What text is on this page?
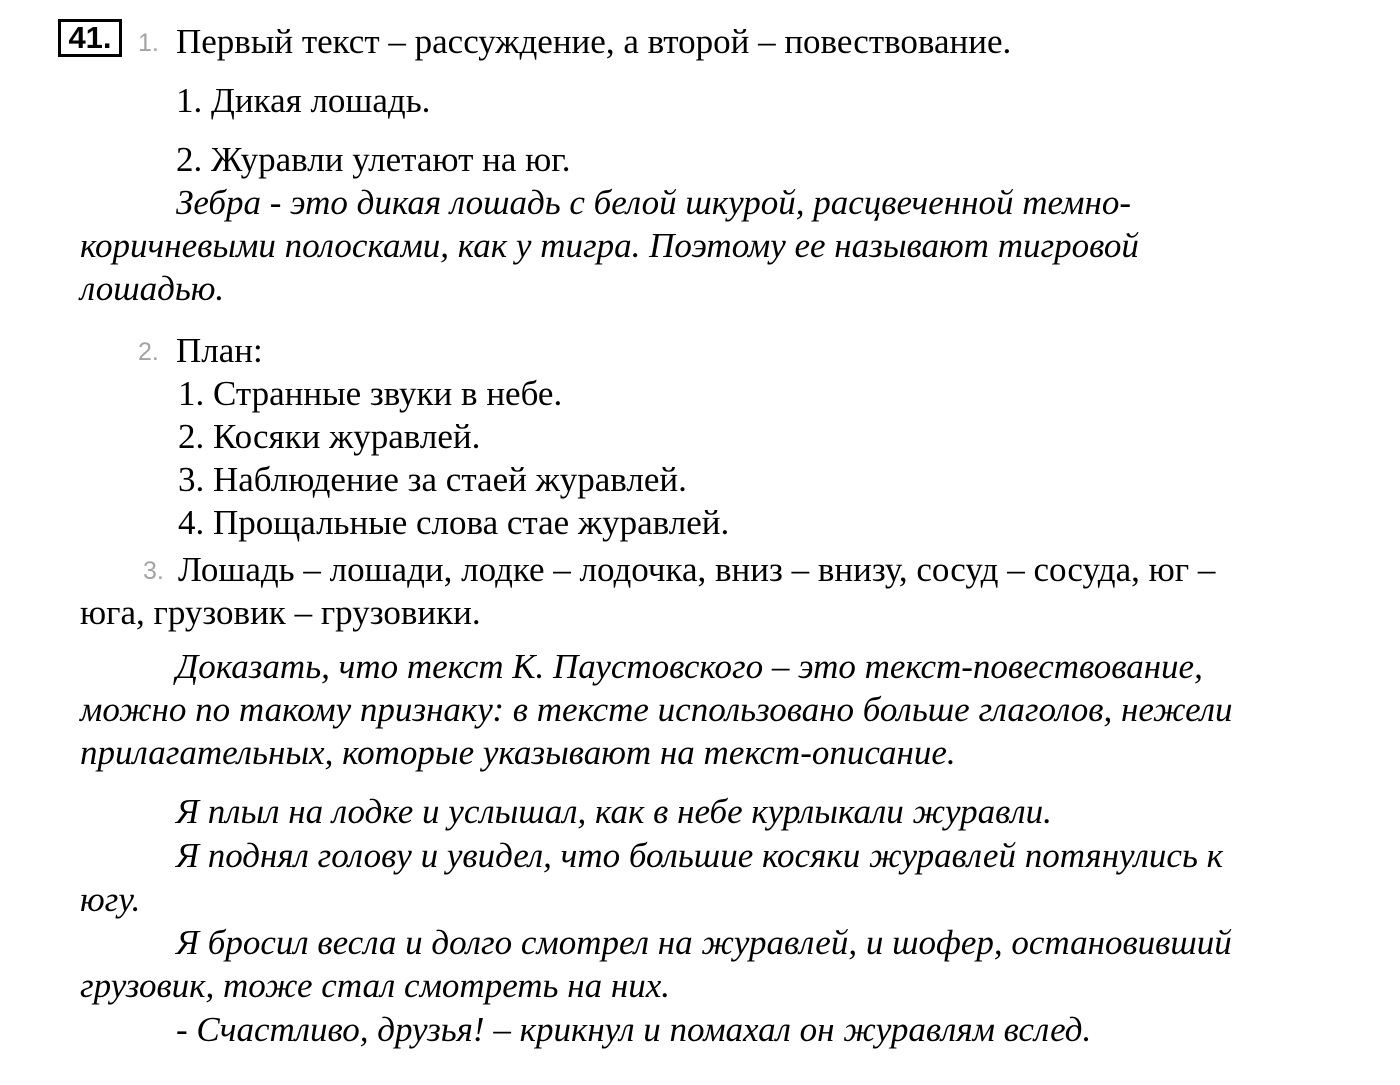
41.	1. Первый текст – рассуждение, а второй – повествование.
1. Дикая лошадь.
2. Журавли улетают на юг.
Зебра - это дикая лошадь с белой шкурой, расцвеченной темно-
коричневыми полосками, как у тигра. Поэтому ее называют тигровой
лошадью.
2. План:
1. Странные звуки в небе.
2. Косяки журавлей.
3. Наблюдение за стаей журавлей.
4. Прощальные слова стае журавлей.
3. Лошадь – лошади, лодке – лодочка, вниз – внизу, сосуд – сосуда, юг –
юга, грузовик – грузовики.
Доказать, что текст К. Паустовского – это текст-повествование,
можно по такому признаку: в тексте использовано больше глаголов, нежели
прилагательных, которые указывают на текст-описание.
Я плыл на лодке и услышал, как в небе курлыкали журавли.
Я поднял голову и увидел, что большие косяки журавлей потянулись к
югу.
Я бросил весла и долго смотрел на журавлей, и шофер, остановивший
грузовик, тоже стал смотреть на них.
- Счастливо, друзья! – крикнул и помахал он журавлям вслед.
